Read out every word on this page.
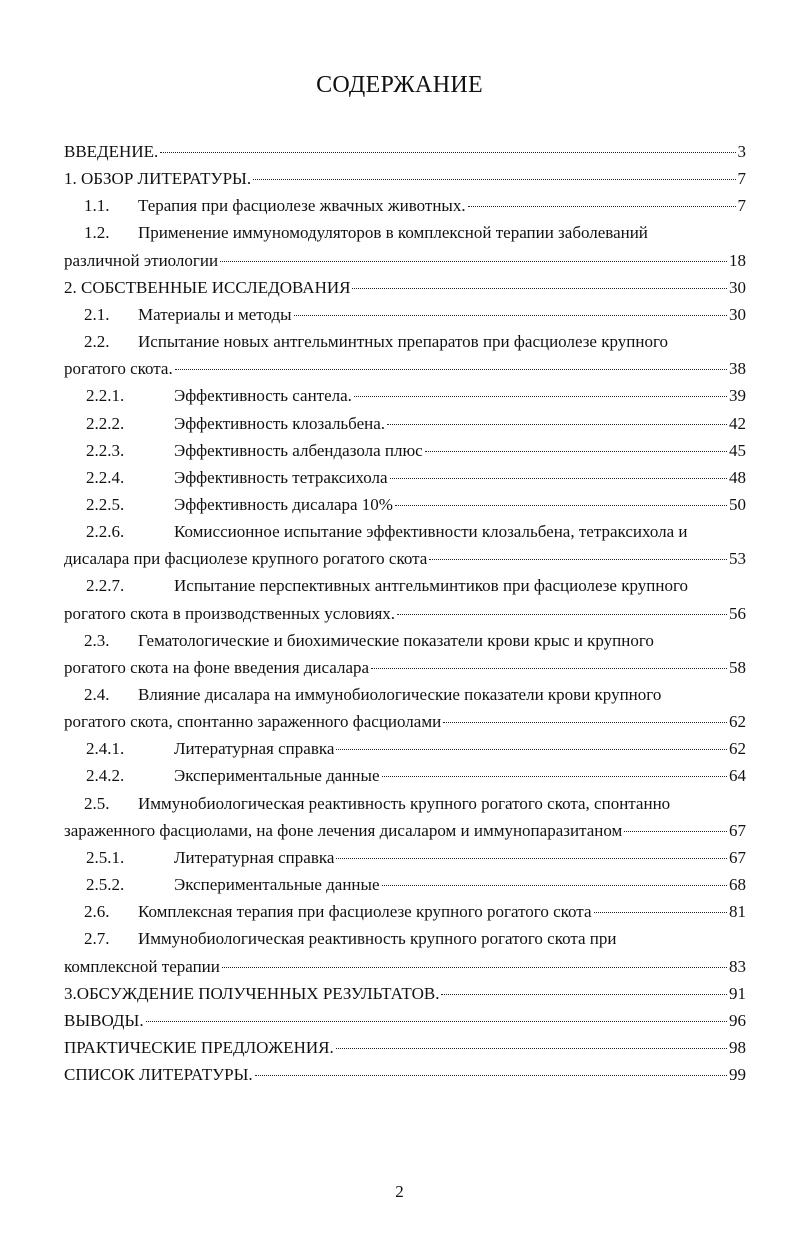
СОДЕРЖАНИЕ
ВВЕДЕНИЕ.	3
1. ОБЗОР ЛИТЕРАТУРЫ.	7
1.1.	Терапия при фасциолезе жвачных животных.	7
1.2.	Применение иммуномодуляторов в комплексной терапии заболеваний
различной этиологии	18
2. СОБСТВЕННЫЕ ИССЛЕДОВАНИЯ	30
2.1.	Материалы и методы	30
2.2.	Испытание новых антгельминтных препаратов при фасциолезе крупного
рогатого скота.	38
2.2.1.	Эффективность сантела.	39
2.2.2.	Эффективность клозальбена.	42
2.2.3.	Эффективность албендазола плюс	45
2.2.4.	Эффективность тетраксихола	48
2.2.5.	Эффективность дисалара 10%	50
2.2.6.	Комиссионное испытание эффективности клозальбена, тетраксихола и
дисалара при фасциолезе крупного рогатого скота	53
2.2.7.	Испытание перспективных антгельминтиков при фасциолезе крупного
рогатого скота в производственных условиях.	56
2.3.	Гематологические и биохимические показатели крови крыс и крупного
рогатого скота на фоне введения дисалара	58
2.4.	Влияние дисалара на иммунобиологические показатели крови крупного
рогатого скота, спонтанно зараженного фасциолами	62
2.4.1.	Литературная справка	62
2.4.2.	Экспериментальные данные	64
2.5.	Иммунобиологическая реактивность крупного рогатого скота, спонтанно
зараженного фасциолами, на фоне лечения дисаларом и иммунопаразитаном	67
2.5.1.	Литературная справка	67
2.5.2.	Экспериментальные данные	68
2.6.	Комплексная терапия при фасциолезе крупного рогатого скота	81
2.7.	Иммунобиологическая реактивность крупного рогатого скота при
комплексной терапии	83
3.ОБСУЖДЕНИЕ ПОЛУЧЕННЫХ РЕЗУЛЬТАТОВ.	91
ВЫВОДЫ.	96
ПРАКТИЧЕСКИЕ ПРЕДЛОЖЕНИЯ.	98
СПИСОК ЛИТЕРАТУРЫ.	99
2
